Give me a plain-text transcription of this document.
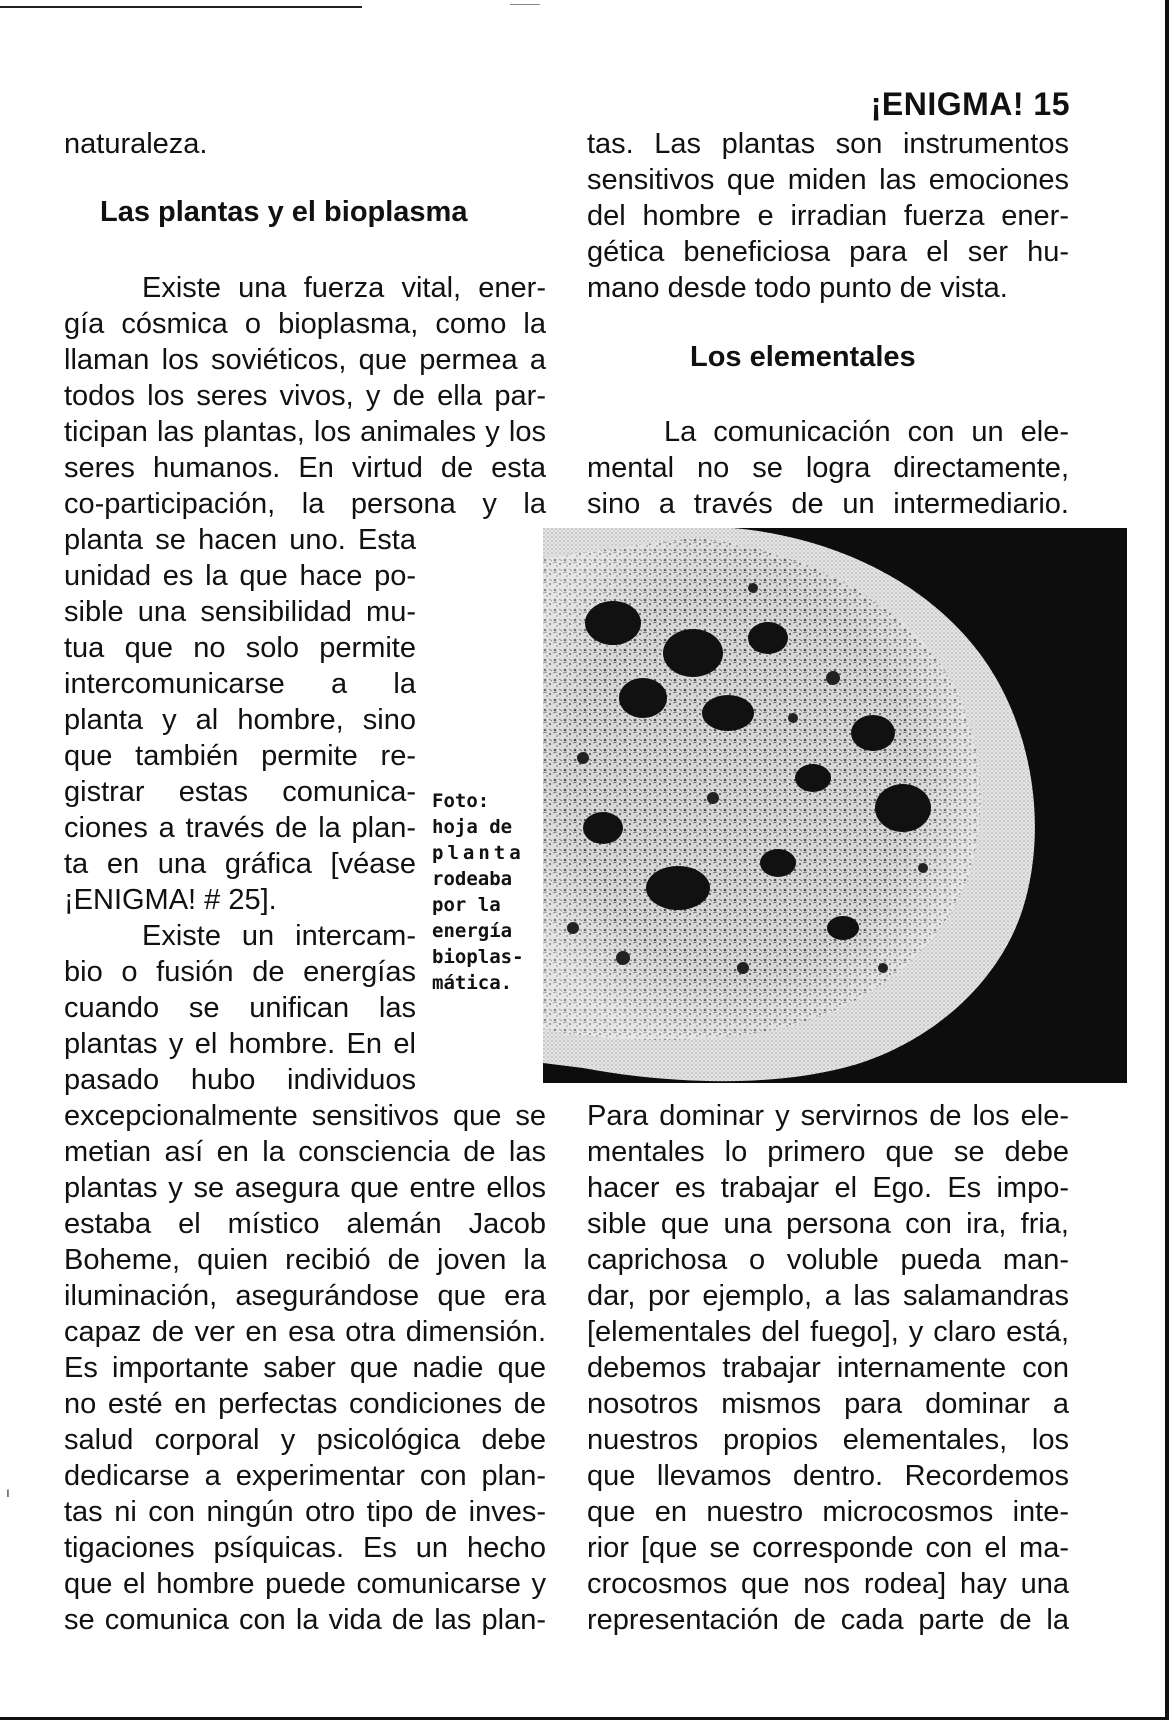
ı
¡ENIGMA! 15
naturaleza.
Las plantas y el bioplasma
Existe una fuerza vital, ener-
gía cósmica o bioplasma, como la
llaman los soviéticos, que permea a
todos los seres vivos, y de ella par-
ticipan las plantas, los animales y los
seres humanos. En virtud de esta
co-participación, la persona y la
planta se hacen uno. Esta
unidad es la que hace po-
sible una sensibilidad mu-
tua que no solo permite
intercomunicarse a la
planta y al hombre, sino
que también permite re-
gistrar estas comunica-
ciones a través de la plan-
ta en una gráfica [véase
¡ENIGMA! # 25].
Existe un intercam-
bio o fusión de energías
cuando se unifican las
plantas y el hombre. En el
pasado hubo individuos
excepcionalmente sensitivos que se
metian así en la consciencia de las
plantas y se asegura que entre ellos
estaba el místico alemán Jacob
Boheme, quien recibió de joven la
iluminación, asegurándose que era
capaz de ver en esa otra dimensión.
Es importante saber que nadie que
no esté en perfectas condiciones de
salud corporal y psicológica debe
dedicarse a experimentar con plan-
tas ni con ningún otro tipo de inves-
tigaciones psíquicas. Es un hecho
que el hombre puede comunicarse y
se comunica con la vida de las plan-
Foto:
hoja de
planta
rodeaba
por la
energía
bioplas-
mática.
tas. Las plantas son instrumentos
sensitivos que miden las emociones
del hombre e irradian fuerza ener-
gética beneficiosa para el ser hu-
mano desde todo punto de vista.
Los elementales
La comunicación con un ele-
mental no se logra directamente,
sino a través de un intermediario.
Para dominar y servirnos de los ele-
mentales lo primero que se debe
hacer es trabajar el Ego. Es impo-
sible que una persona con ira, fria,
caprichosa o voluble pueda man-
dar, por ejemplo, a las salamandras
[elementales del fuego], y claro está,
debemos trabajar internamente con
nosotros mismos para dominar a
nuestros propios elementales, los
que llevamos dentro. Recordemos
que en nuestro microcosmos inte-
rior [que se corresponde con el ma-
crocosmos que nos rodea] hay una
representación de cada parte de la
